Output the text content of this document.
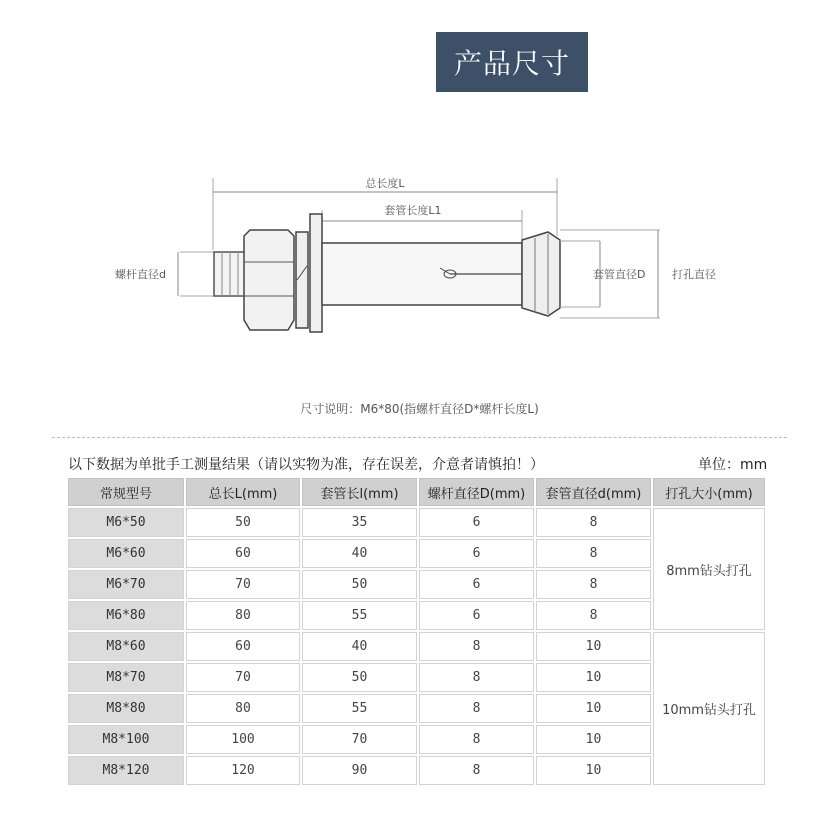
产品尺寸
总长度L
套管长度L1
螺杆直径d	套管直径D 打孔直径
尺寸说明：M6*80(指螺杆直径D*螺杆长度L)
以下数据为单批手工测量结果（请以实物为准，存在误差，介意者请慎拍！）	单位：mm
常规型号	总长L(mm)	套管长l(mm)	螺杆直径D(mm)	套管直径d(mm)	打孔大小(mm)
M6*50	50	35	6	8	8mm钻头打孔
M6*60	60	40	6	8	
M6*70	70	50	6	8	
M6*80	80	55	6	8	
M8*60	60	40	8	10	10mm钻头打孔
M8*70	70	50	8	10	
M8*80	80	55	8	10	
M8*100	100	70	8	10	
M8*120	120	90	8	10	
